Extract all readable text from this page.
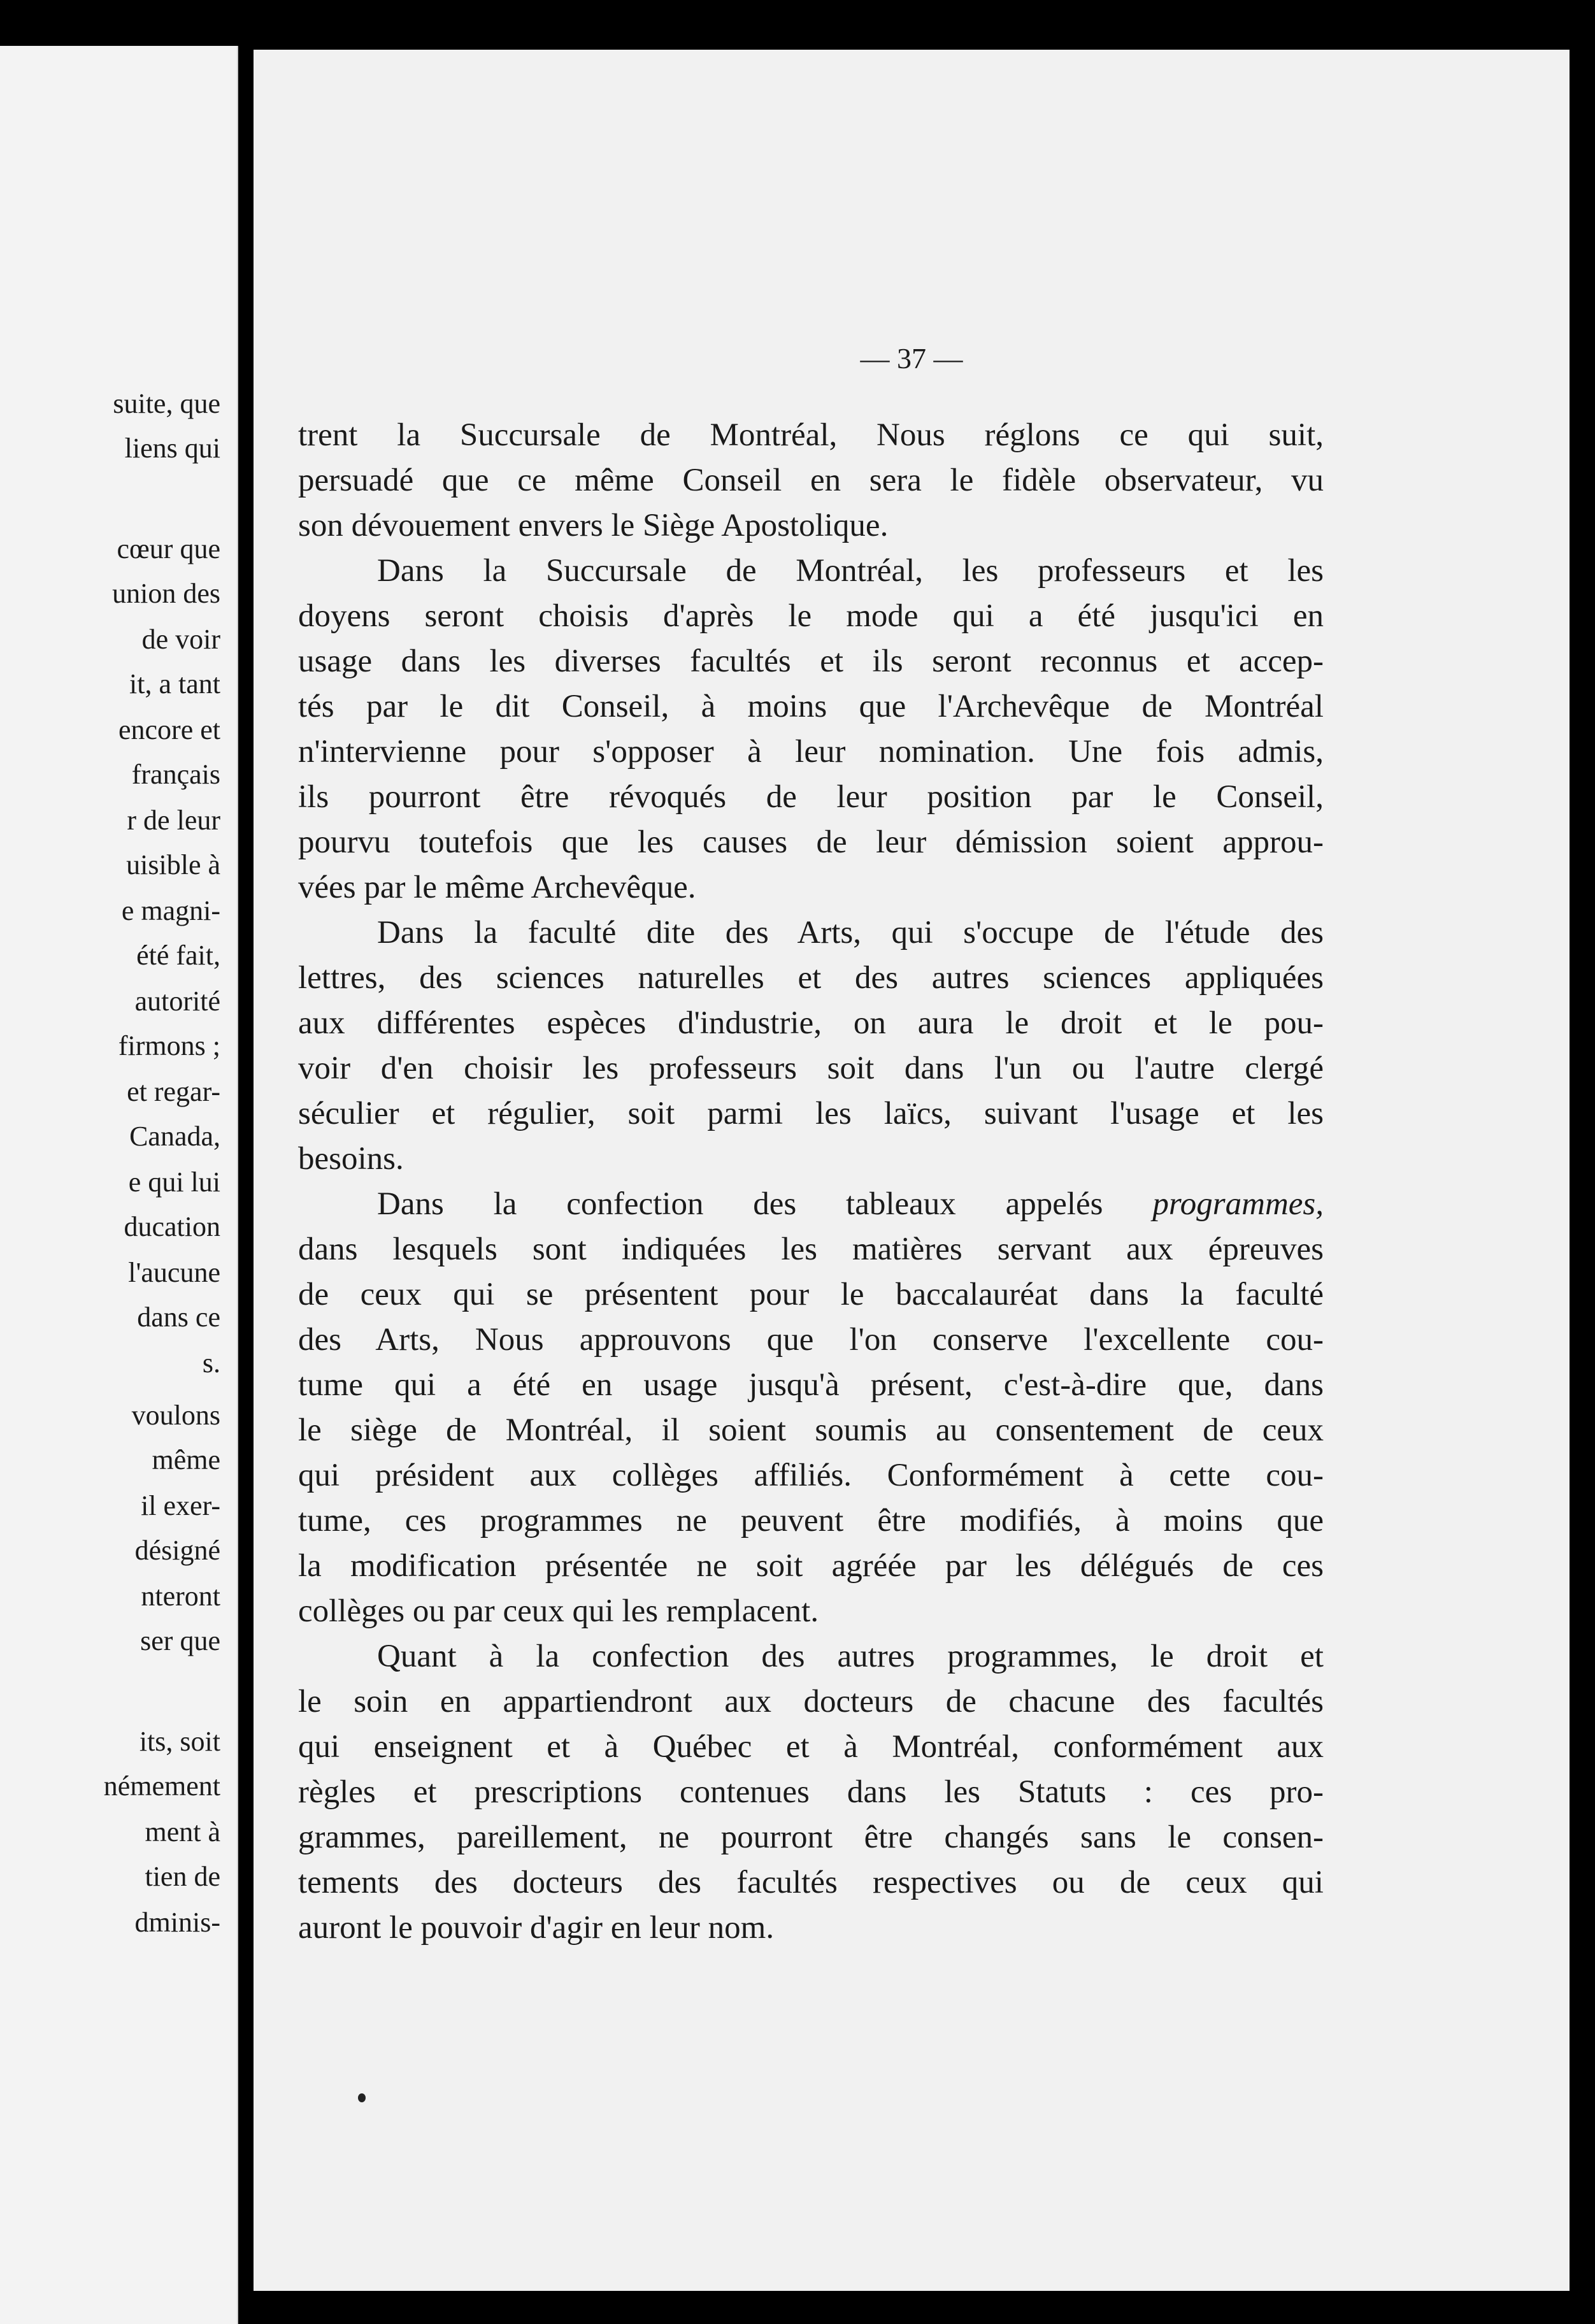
suite, que

liens qui

cœur que

union des

de voir

it, a tant

encore et

français

r de leur

uisible à

e magni-

été fait,

autorité

firmons ;

et regar-

Canada,

e qui lui

ducation

l'aucune

dans ce

s.

voulons

même

il exer-

désigné

nteront

ser que

its, soit

némement

ment à

tien de

dminis-

— 37 —

trent la Succursale de Montréal, Nous réglons ce qui suit,

persuadé que ce même Conseil en sera le fidèle observateur, vu

son dévouement envers le Siège Apostolique.

Dans la Succursale de Montréal, les professeurs et les

doyens seront choisis d'après le mode qui a été jusqu'ici en

usage dans les diverses facultés et ils seront reconnus et accep-

tés par le dit Conseil, à moins que l'Archevêque de Montréal

n'intervienne pour s'opposer à leur nomination. Une fois admis,

ils pourront être révoqués de leur position par le Conseil,

pourvu toutefois que les causes de leur démission soient approu-

vées par le même Archevêque.

Dans la faculté dite des Arts, qui s'occupe de l'étude des

lettres, des sciences naturelles et des autres sciences appliquées

aux différentes espèces d'industrie, on aura le droit et le pou-

voir d'en choisir les professeurs soit dans l'un ou l'autre clergé

séculier et régulier, soit parmi les laïcs, suivant l'usage et les

besoins.

Dans la confection des tableaux appelés programmes,

dans lesquels sont indiquées les matières servant aux épreuves

de ceux qui se présentent pour le baccalauréat dans la faculté

des Arts, Nous approuvons que l'on conserve l'excellente cou-

tume qui a été en usage jusqu'à présent, c'est-à-dire que, dans

le siège de Montréal, il soient soumis au consentement de ceux

qui président aux collèges affiliés. Conformément à cette cou-

tume, ces programmes ne peuvent être modifiés, à moins que

la modification présentée ne soit agréée par les délégués de ces

collèges ou par ceux qui les remplacent.

Quant à la confection des autres programmes, le droit et

le soin en appartiendront aux docteurs de chacune des facultés

qui enseignent et à Québec et à Montréal, conformément aux

règles et prescriptions contenues dans les Statuts : ces pro-

grammes, pareillement, ne pourront être changés sans le consen-

tements des docteurs des facultés respectives ou de ceux qui

auront le pouvoir d'agir en leur nom.
